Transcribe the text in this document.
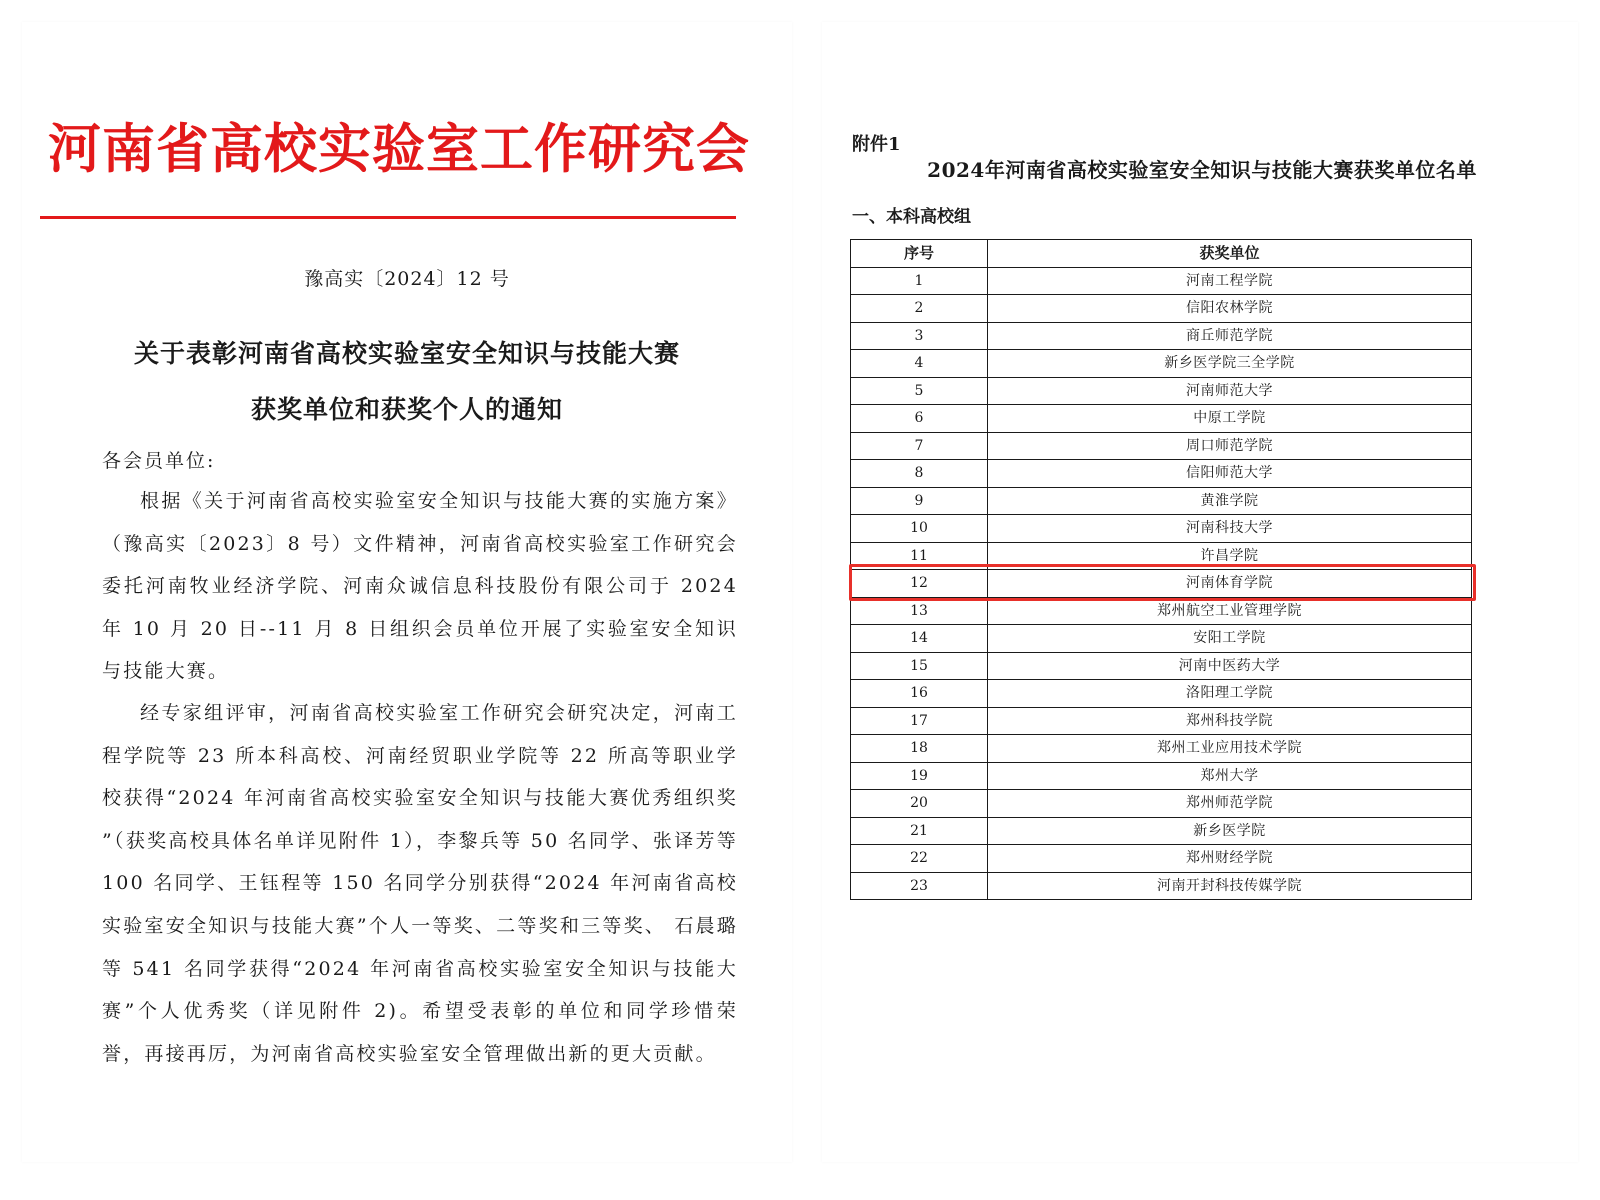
河南省高校实验室工作研究会
豫高实〔2024〕12 号
关于表彰河南省高校实验室安全知识与技能大赛
获奖单位和获奖个人的通知
各会员单位:

根据《关于河南省高校实验室安全知识与技能大赛的实施方案》（豫高实〔2023〕8 号）文件精神，河南省高校实验室工作研究会委托河南牧业经济学院、河南众诚信息科技股份有限公司于 2024 年 10 月 20 日--11 月 8 日组织会员单位开展了实验室安全知识与技能大赛。

经专家组评审，河南省高校实验室工作研究会研究决定，河南工程学院等 23 所本科高校、河南经贸职业学院等 22 所高等职业学校获得“2024 年河南省高校实验室安全知识与技能大赛优秀组织奖 ”（获奖高校具体名单详见附件 1），李黎兵等 50 名同学、张译芳等 100 名同学、王钰程等 150 名同学分别获得“2024 年河南省高校实验室安全知识与技能大赛”个人一等奖、二等奖和三等奖、 石晨璐等 541 名同学获得“2024 年河南省高校实验室安全知识与技能大赛”个人优秀奖（详见附件 2)。希望受表彰的单位和同学珍惜荣誉，再接再厉，为河南省高校实验室安全管理做出新的更大贡献。

附件1
2024年河南省高校实验室安全知识与技能大赛获奖单位名单
一、本科高校组
序号	获奖单位
1	河南工程学院
2	信阳农林学院
3	商丘师范学院
4	新乡医学院三全学院
5	河南师范大学
6	中原工学院
7	周口师范学院
8	信阳师范大学
9	黄淮学院
10	河南科技大学
11	许昌学院
12	河南体育学院
13	郑州航空工业管理学院
14	安阳工学院
15	河南中医药大学
16	洛阳理工学院
17	郑州科技学院
18	郑州工业应用技术学院
19	郑州大学
20	郑州师范学院
21	新乡医学院
22	郑州财经学院
23	河南开封科技传媒学院
